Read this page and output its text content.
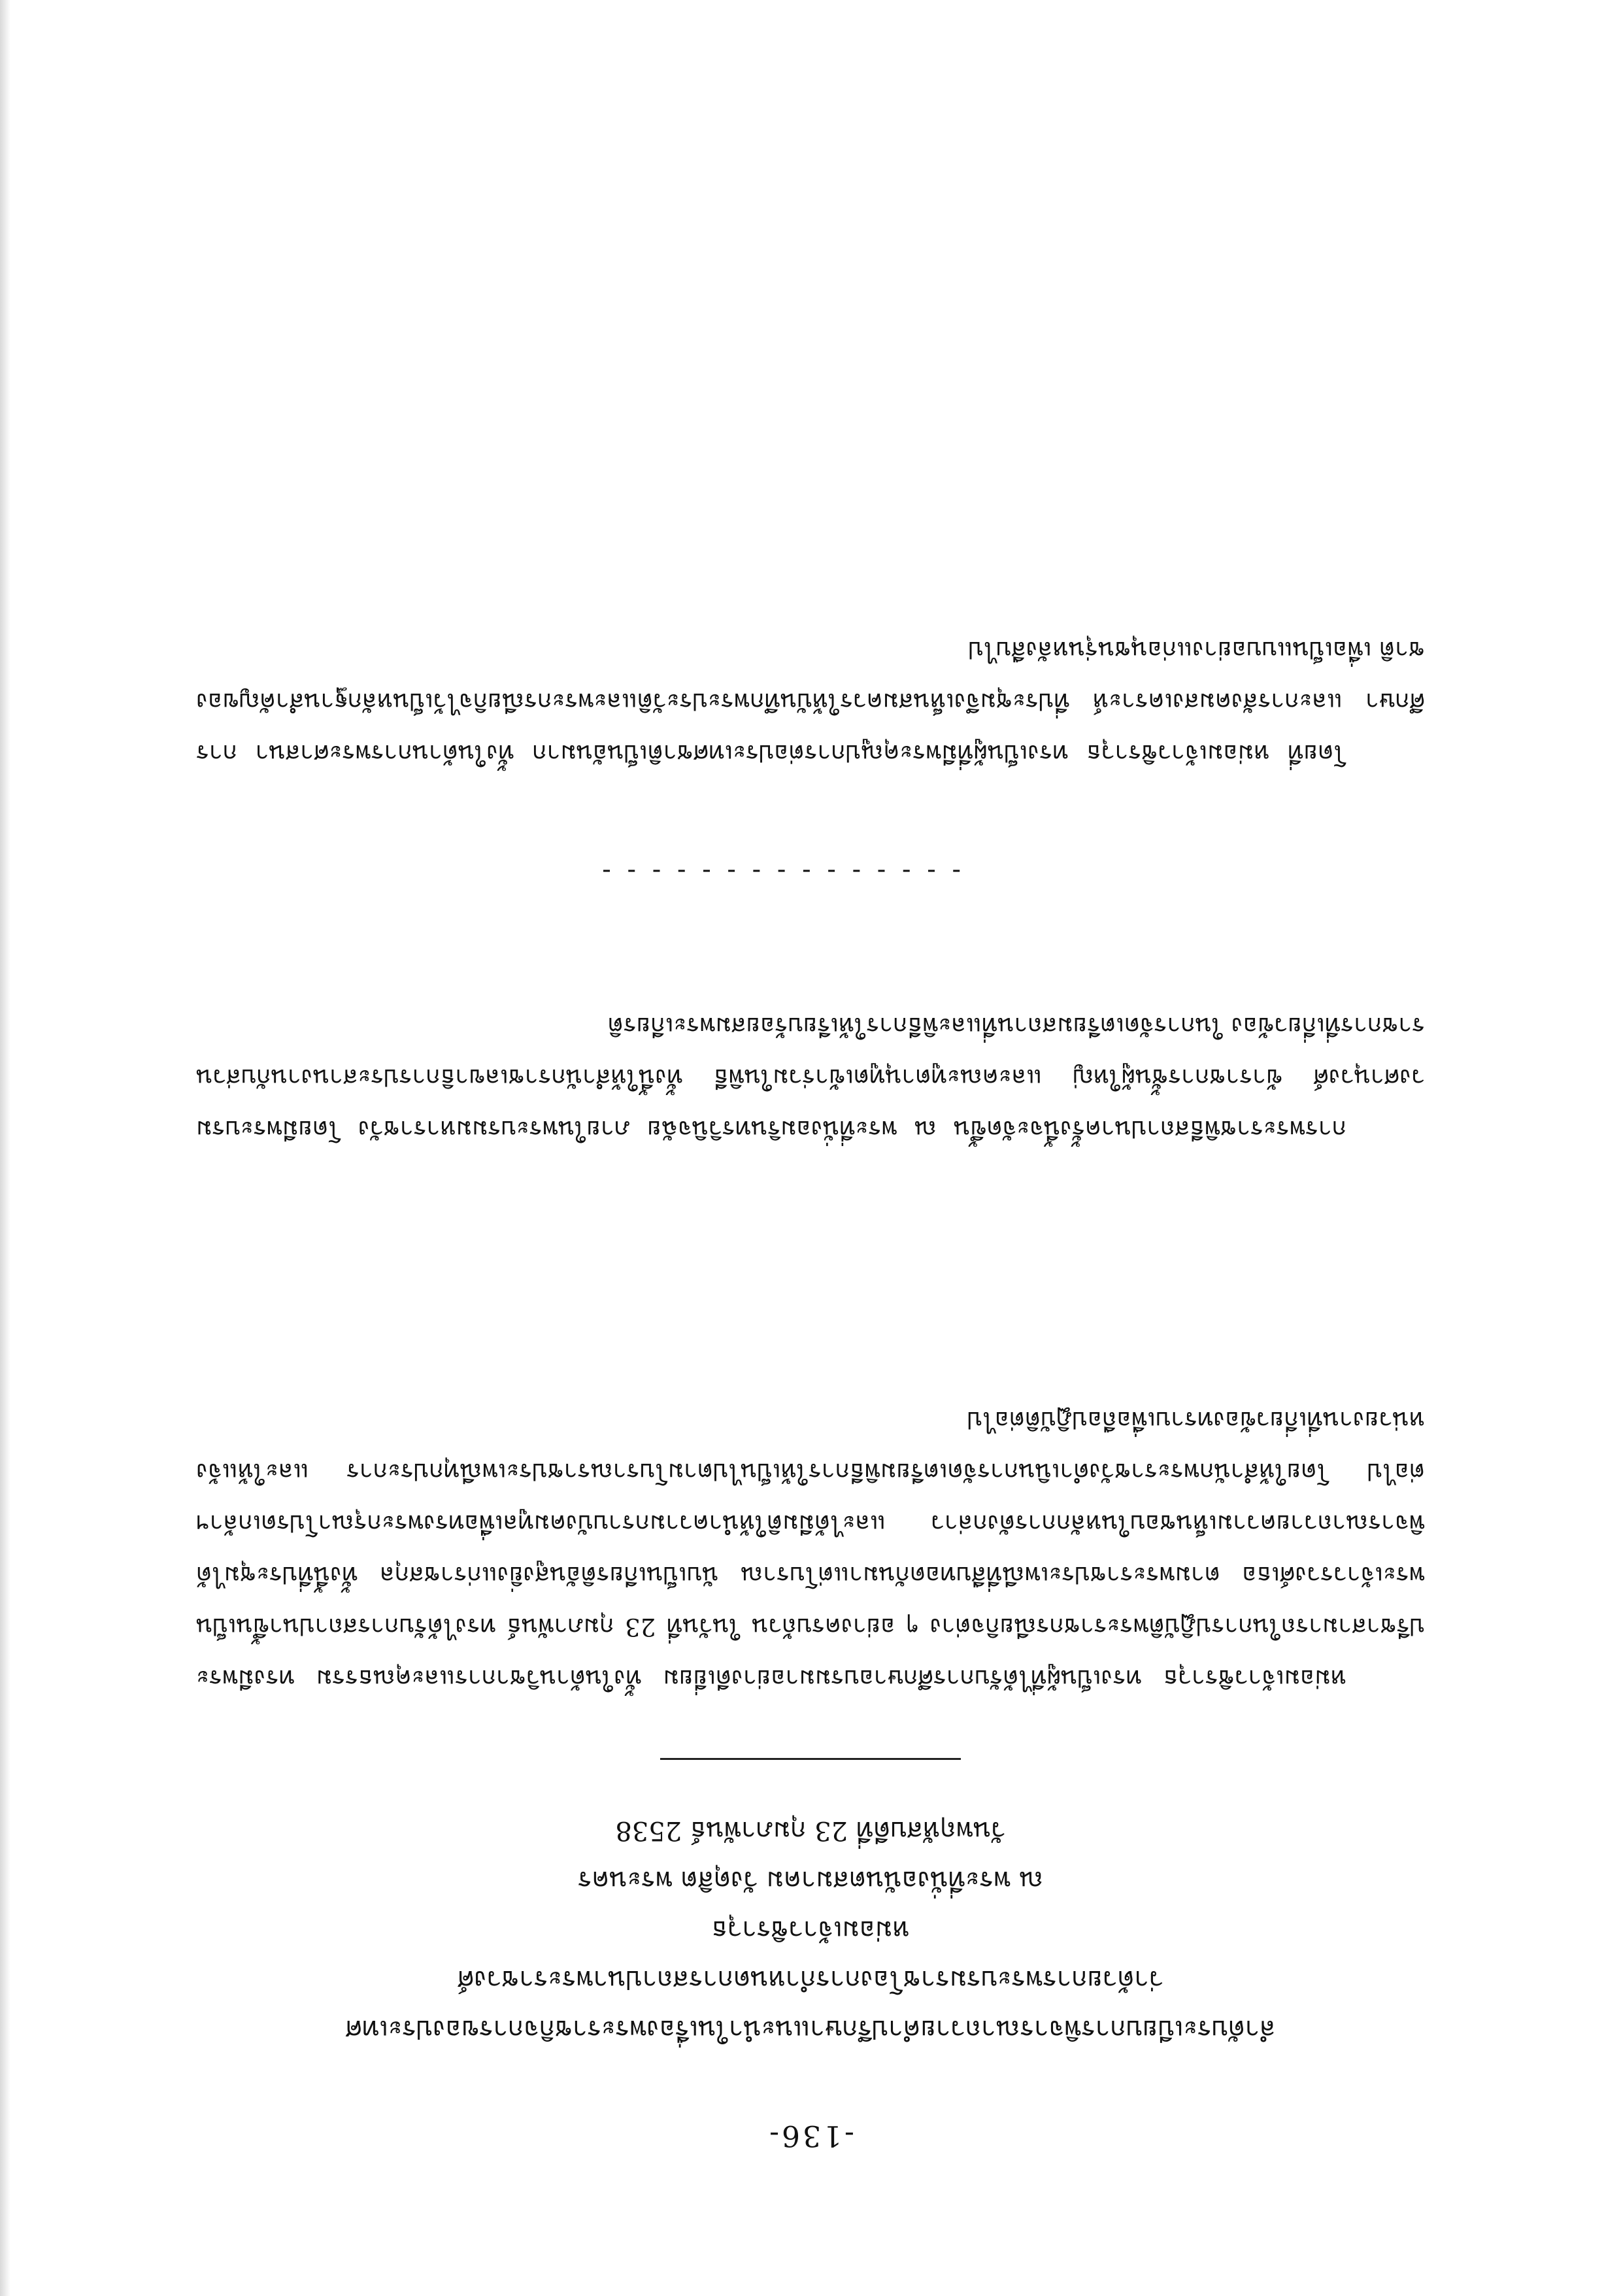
-136-
ลำดับระเบียบการพิจารณาถวายคำปรึกษาแนะนำในเรื่องพระราชกิจการของประเทศ
ว่าด้วยการพระบรมราชโองการกำหนดการสถาปนาพระราชวงศ์
หม่อมเจ้าวชิราวุธ
ณ พระที่นั่งอนันตสมาคม วังดุสิต พระนคร
วันพฤหัสบดีที่ 23 กุมภาพันธ์ 2538
หม่อมเจ้าวชิราวุธ ทรงเป็นผู้ที่ได้รับการศึกษาอบรมมาอย่างดีเยี่ยม ทั้งในด้านวิชาการและคุณธรรม ทรงมีพระปรีชาสามารถในการปฏิบัติพระราชกรณียกิจต่าง ๆ อย่างครบถ้วน ในวันที่ 23 กุมภาพันธ์ ทรงได้รับการสถาปนาขึ้นเป็นพระเจ้าวรวงศ์เธอ ตามพระราชประเพณีที่สืบทอดกันมาแต่โบราณ นับเป็นเกียรติอันสูงยิ่งแก่ราชสกุล ทั้งนี้ที่ประชุมได้พิจารณาถวายความเห็นชอบในหลักการดังกล่าว และได้มีมติให้นำความกราบบังคมทูลเพื่อทรงพระกรุณาโปรดเกล้าฯ ต่อไป โดยให้สำนักพระราชวังดำเนินการจัดเตรียมพิธีการให้เป็นไปตามโบราณราชประเพณีทุกประการ และให้แจ้งหน่วยงานที่เกี่ยวข้องทราบเพื่อถือปฏิบัติต่อไป
การพระราชพิธีสถาปนาครั้งนี้จะจัดขึ้น ณ พระที่นั่งอมรินทรวินิจฉัย ภายในพระบรมมหาราชวัง โดยมีพระบรมวงศานุวงศ์ ข้าราชการชั้นผู้ใหญ่ และคณะทูตานุทูตเข้าร่วมในพิธี ทั้งนี้ให้สำนักราชเลขาธิการประสานงานกับส่วนราชการที่เกี่ยวข้อง ในการจัดเตรียมสถานที่และพิธีการให้เรียบร้อยสมพระเกียรติ
- - - - - - - - - - - - - - -
โดยที่ หม่อมเจ้าวชิราวุธ ทรงเป็นผู้ที่มีพระคุณูปการต่อประเทศชาติเป็นอันมาก ทั้งในด้านการพระศาสนา การศึกษา และการสังคมสงเคราะห์ ที่ประชุมจึงเห็นสมควรให้บันทึกพระประวัติและพระกรณียกิจไว้เป็นหลักฐานสำคัญของชาติ เพื่อเป็นแบบอย่างแก่อนุชนรุ่นหลังสืบไป
